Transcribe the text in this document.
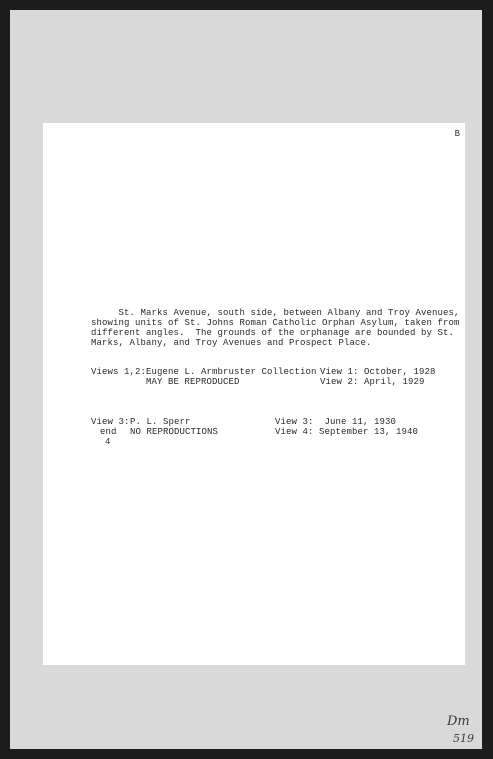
B
St. Marks Avenue, south side, between Albany and Troy Avenues,
showing units of St. Johns Roman Catholic Orphan Asylum, taken from
different angles.  The grounds of the orphanage are bounded by St.
Marks, Albany, and Troy Avenues and Prospect Place.
Views 1,2: Eugene L. Armbruster Collection
MAY BE REPRODUCED
View 1: October, 1928
View 2: April, 1929
View 3:
end
4
P. L. Sperr
NO REPRODUCTIONS
View 3:  June 11, 1930
View 4: September 13, 1940
Dm
519
